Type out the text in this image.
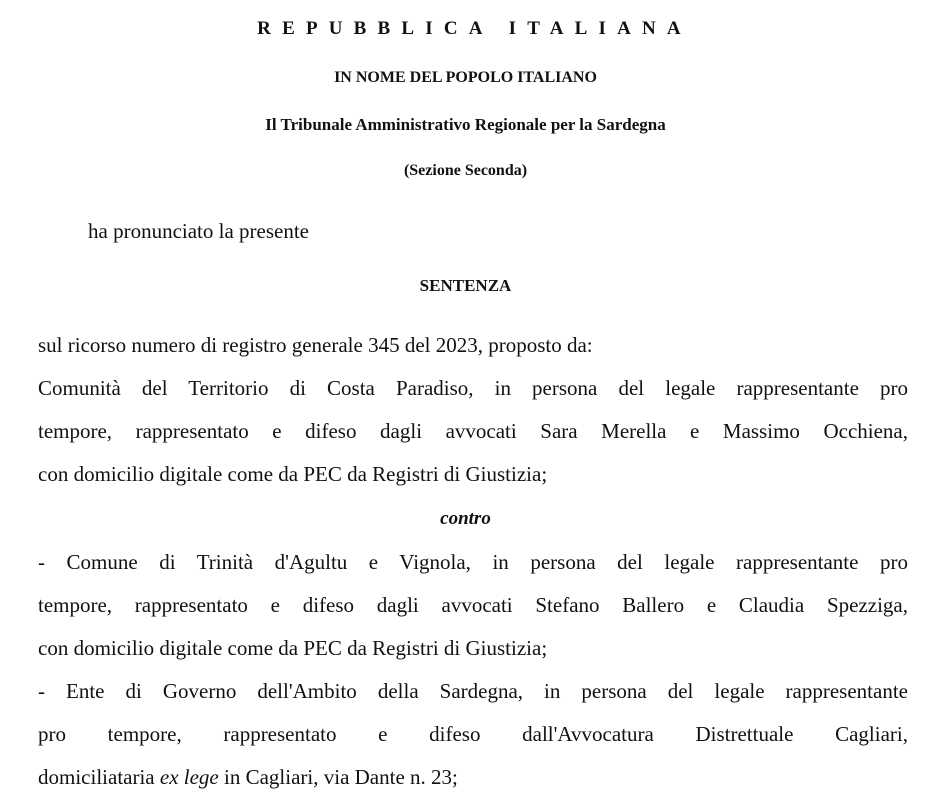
REPUBBLICA ITALIANA
IN NOME DEL POPOLO ITALIANO
Il Tribunale Amministrativo Regionale per la Sardegna
(Sezione Seconda)
ha pronunciato la presente
SENTENZA
sul ricorso numero di registro generale 345 del 2023, proposto da:
Comunità del Territorio di Costa Paradiso, in persona del legale rappresentante pro
tempore, rappresentato e difeso dagli avvocati Sara Merella e Massimo Occhiena,
con domicilio digitale come da PEC da Registri di Giustizia;
contro
- Comune di Trinità d'Agultu e Vignola, in persona del legale rappresentante pro
tempore, rappresentato e difeso dagli avvocati Stefano Ballero e Claudia Spezziga,
con domicilio digitale come da PEC da Registri di Giustizia;
- Ente di Governo dell'Ambito della Sardegna, in persona del legale rappresentante
pro tempore, rappresentato e difeso dall'Avvocatura Distrettuale Cagliari,
domiciliataria ex lege in Cagliari, via Dante n. 23;
